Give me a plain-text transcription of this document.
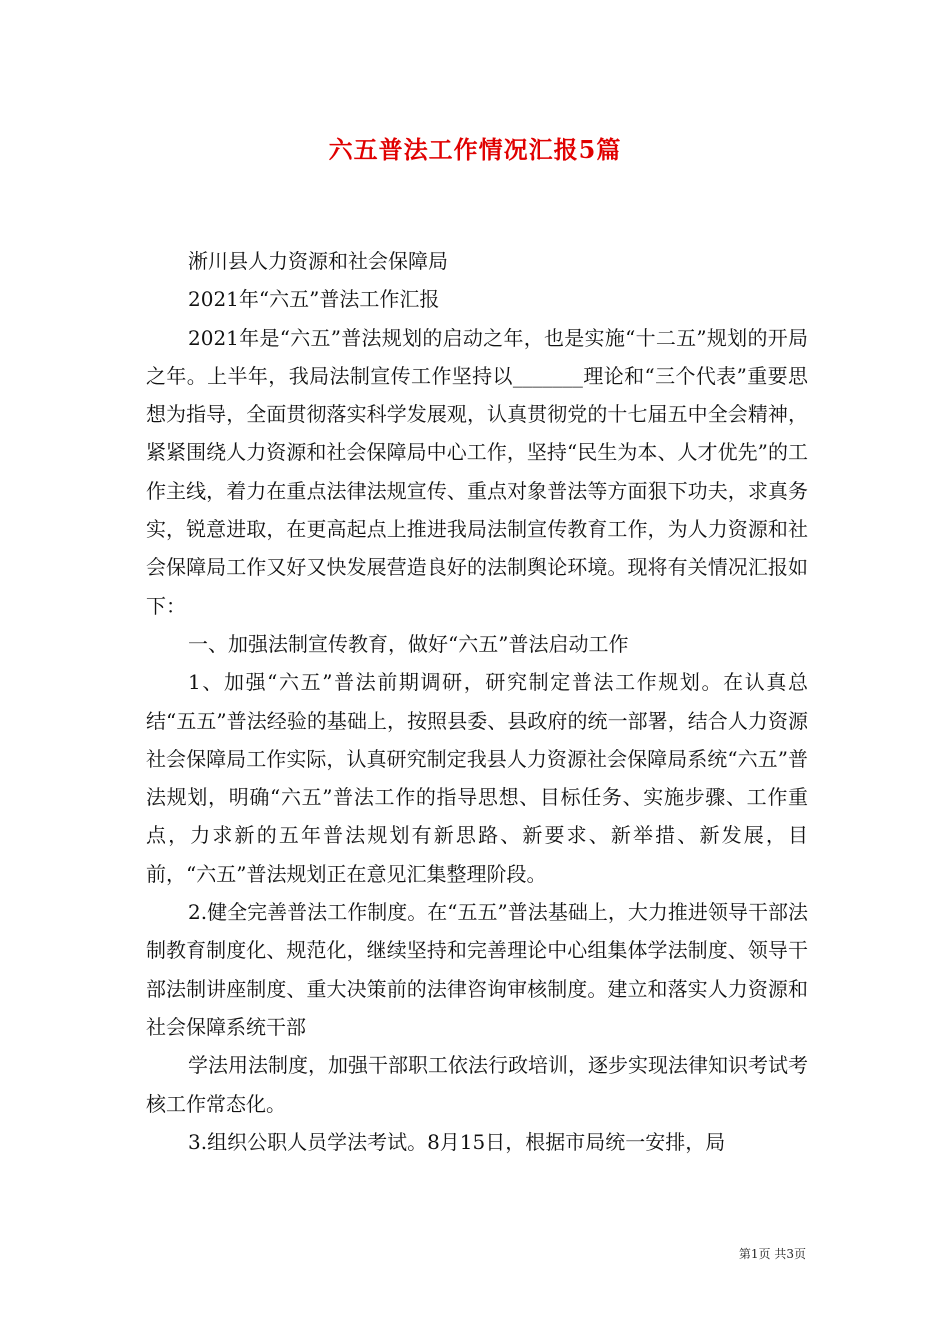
六五普法工作情况汇报5篇

淅川县人力资源和社会保障局

2021年“六五”普法工作汇报

2021年是“六五”普法规划的启动之年，也是实施“十二五”规划的开局之年。上半年，我局法制宣传工作坚持以_______理论和“三个代表”重要思想为指导，全面贯彻落实科学发展观，认真贯彻党的十七届五中全会精神，紧紧围绕人力资源和社会保障局中心工作，坚持“民生为本、人才优先”的工作主线，着力在重点法律法规宣传、重点对象普法等方面狠下功夫，求真务实，锐意进取，在更高起点上推进我局法制宣传教育工作，为人力资源和社会保障局工作又好又快发展营造良好的法制舆论环境。现将有关情况汇报如下：

一、加强法制宣传教育，做好“六五”普法启动工作

1、加强“六五”普法前期调研，研究制定普法工作规划。在认真总结“五五”普法经验的基础上，按照县委、县政府的统一部署，结合人力资源社会保障局工作实际，认真研究制定我县人力资源社会保障局系统“六五”普法规划，明确“六五”普法工作的指导思想、目标任务、实施步骤、工作重点，力求新的五年普法规划有新思路、新要求、新举措、新发展，目前，“六五”普法规划正在意见汇集整理阶段。

2.健全完善普法工作制度。在“五五”普法基础上，大力推进领导干部法制教育制度化、规范化，继续坚持和完善理论中心组集体学法制度、领导干部法制讲座制度、重大决策前的法律咨询审核制度。建立和落实人力资源和社会保障系统干部

学法用法制度，加强干部职工依法行政培训，逐步实现法律知识考试考核工作常态化。

3.组织公职人员学法考试。8月15日，根据市局统一安排，局

第1页 共3页
